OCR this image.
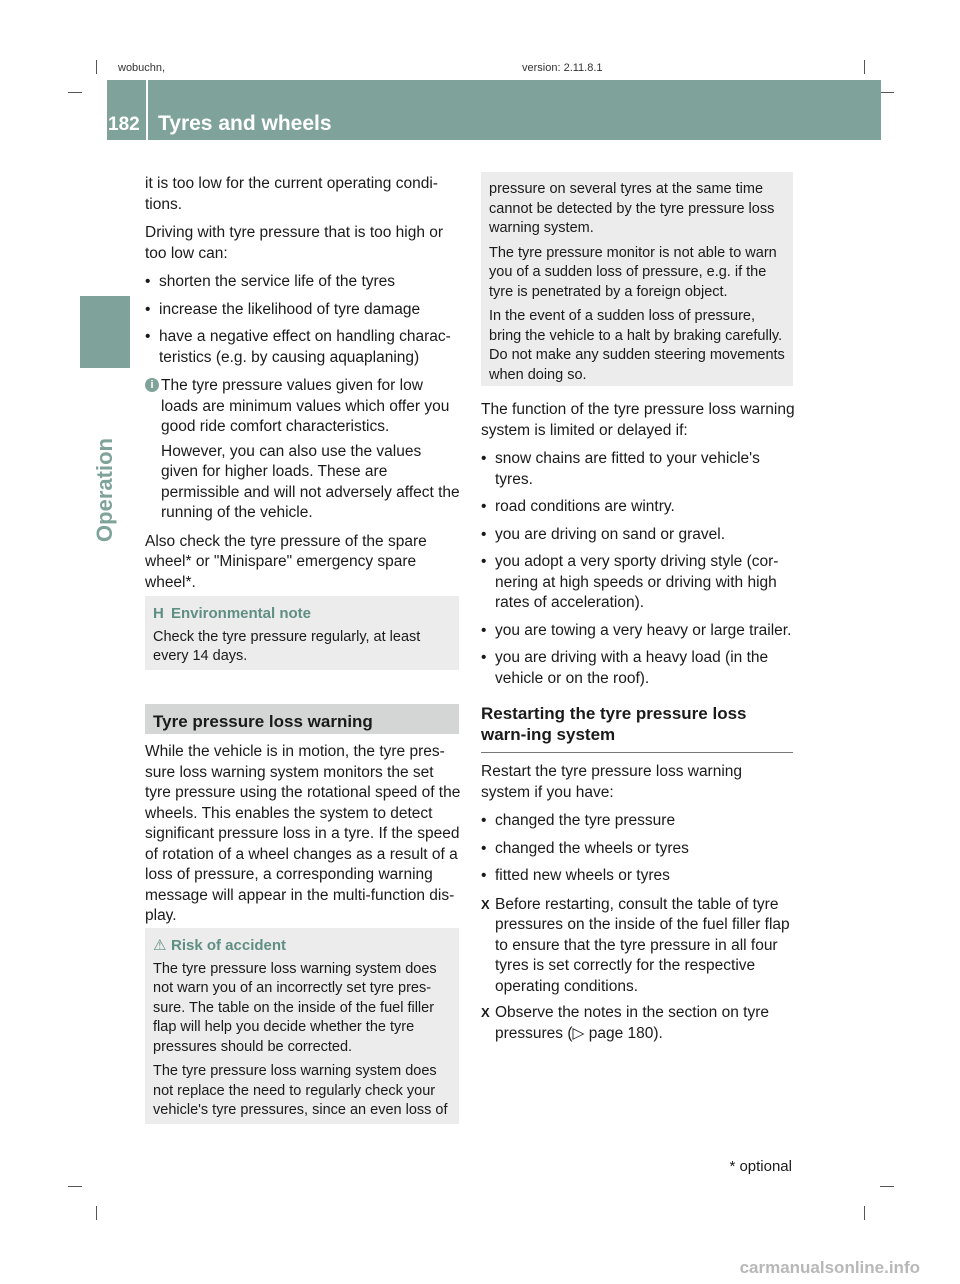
wobuchn,	version: 2.11.8.1
182 Tyres and wheels
Operation

it is too low for the current operating condi-tions.

Driving with tyre pressure that is too high or too low can:

• shorten the service life of the tyres
• increase the likelihood of tyre damage
• have a negative effect on handling charac-teristics (e.g. by causing aquaplaning)
i The tyre pressure values given for low loads are minimum values which offer you good ride comfort characteristics.

However, you can also use the values given for higher loads. These are permissible and will not adversely affect the running of the vehicle.

Also check the tyre pressure of the spare wheel* or "Minispare" emergency spare wheel*.

H Environmental note

Check the tyre pressure regularly, at least every 14 days.

Tyre pressure loss warning

While the vehicle is in motion, the tyre pres-sure loss warning system monitors the set tyre pressure using the rotational speed of the wheels. This enables the system to detect significant pressure loss in a tyre. If the speed of rotation of a wheel changes as a result of a loss of pressure, a corresponding warning message will appear in the multi-function dis-play.

⚠ Risk of accident

The tyre pressure loss warning system does not warn you of an incorrectly set tyre pres-sure. The table on the inside of the fuel filler flap will help you decide whether the tyre pressures should be corrected.

The tyre pressure loss warning system does not replace the need to regularly check your vehicle's tyre pressures, since an even loss of

pressure on several tyres at the same time cannot be detected by the tyre pressure loss warning system.

The tyre pressure monitor is not able to warn you of a sudden loss of pressure, e.g. if the tyre is penetrated by a foreign object.

In the event of a sudden loss of pressure, bring the vehicle to a halt by braking carefully. Do not make any sudden steering movements when doing so.

The function of the tyre pressure loss warning system is limited or delayed if:

• snow chains are fitted to your vehicle's tyres.
• road conditions are wintry.
• you are driving on sand or gravel.
• you adopt a very sporty driving style (cor-nering at high speeds or driving with high rates of acceleration).
• you are towing a very heavy or large trailer.
• you are driving with a heavy load (in the vehicle or on the roof).
Restarting the tyre pressure loss warn-ing system

Restart the tyre pressure loss warning system if you have:

• changed the tyre pressure
• changed the wheels or tyres
• fitted new wheels or tyres
X Before restarting, consult the table of tyre pressures on the inside of the fuel filler flap to ensure that the tyre pressure in all four tyres is set correctly for the respective operating conditions.
X Observe the notes in the section on tyre pressures (▷ page 180).
* optional
carmanualsonline.info
